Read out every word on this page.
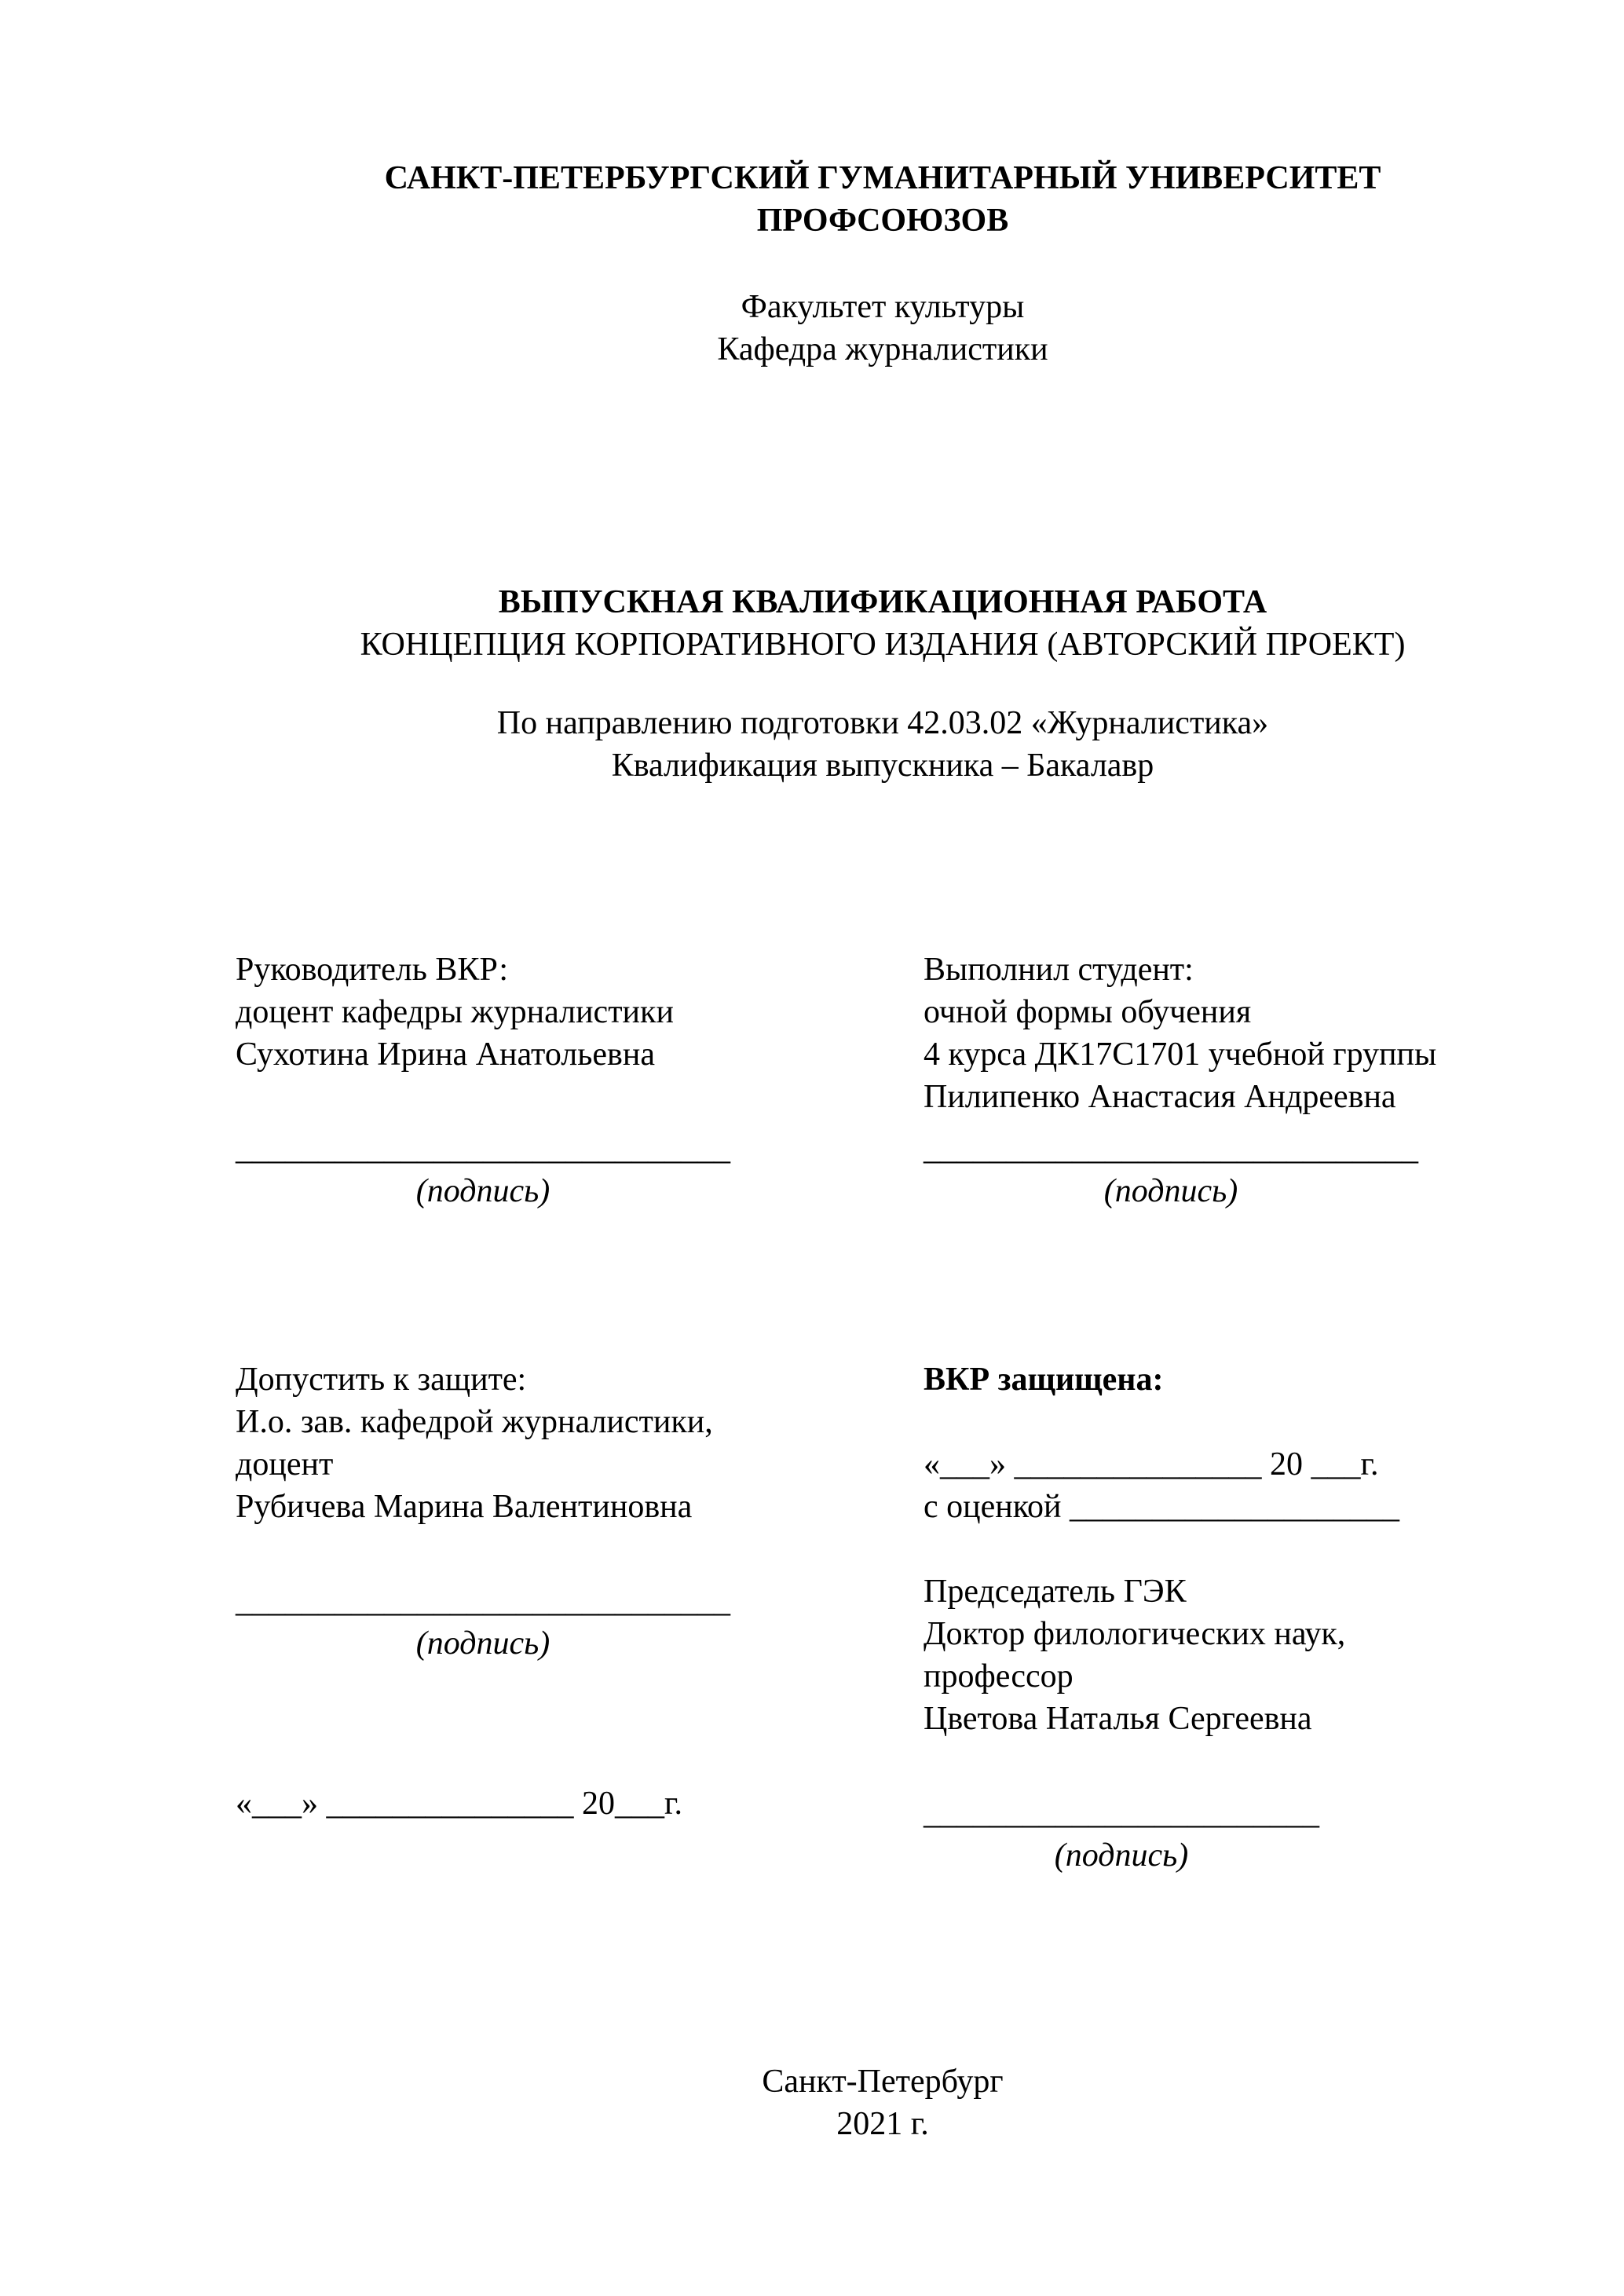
САНКТ-ПЕТЕРБУРГСКИЙ ГУМАНИТАРНЫЙ УНИВЕРСИТЕТ
ПРОФСОЮЗОВ
Факультет культуры
Кафедра журналистики
ВЫПУСКНАЯ КВАЛИФИКАЦИОННАЯ РАБОТА
КОНЦЕПЦИЯ КОРПОРАТИВНОГО ИЗДАНИЯ (АВТОРСКИЙ ПРОЕКТ)
По направлению подготовки 42.03.02 «Журналистика»
Квалификация выпускника – Бакалавр
Руководитель ВКР:
доцент кафедры журналистики
Сухотина Ирина Анатольевна
______________________________
(подпись)
Выполнил студент:
очной формы обучения
4 курса ДК17С1701 учебной группы
Пилипенко Анастасия Андреевна
______________________________
(подпись)
Допустить к защите:
И.о. зав. кафедрой журналистики,
доцент
Рубичева Марина Валентиновна
______________________________
(подпись)
«___» _______________ 20___г.
ВКР защищена:
«___» _______________ 20 ___г.
с оценкой ____________________
Председатель ГЭК
Доктор филологических наук,
профессор
Цветова Наталья Сергеевна
________________________
(подпись)
Санкт-Петербург
2021 г.
